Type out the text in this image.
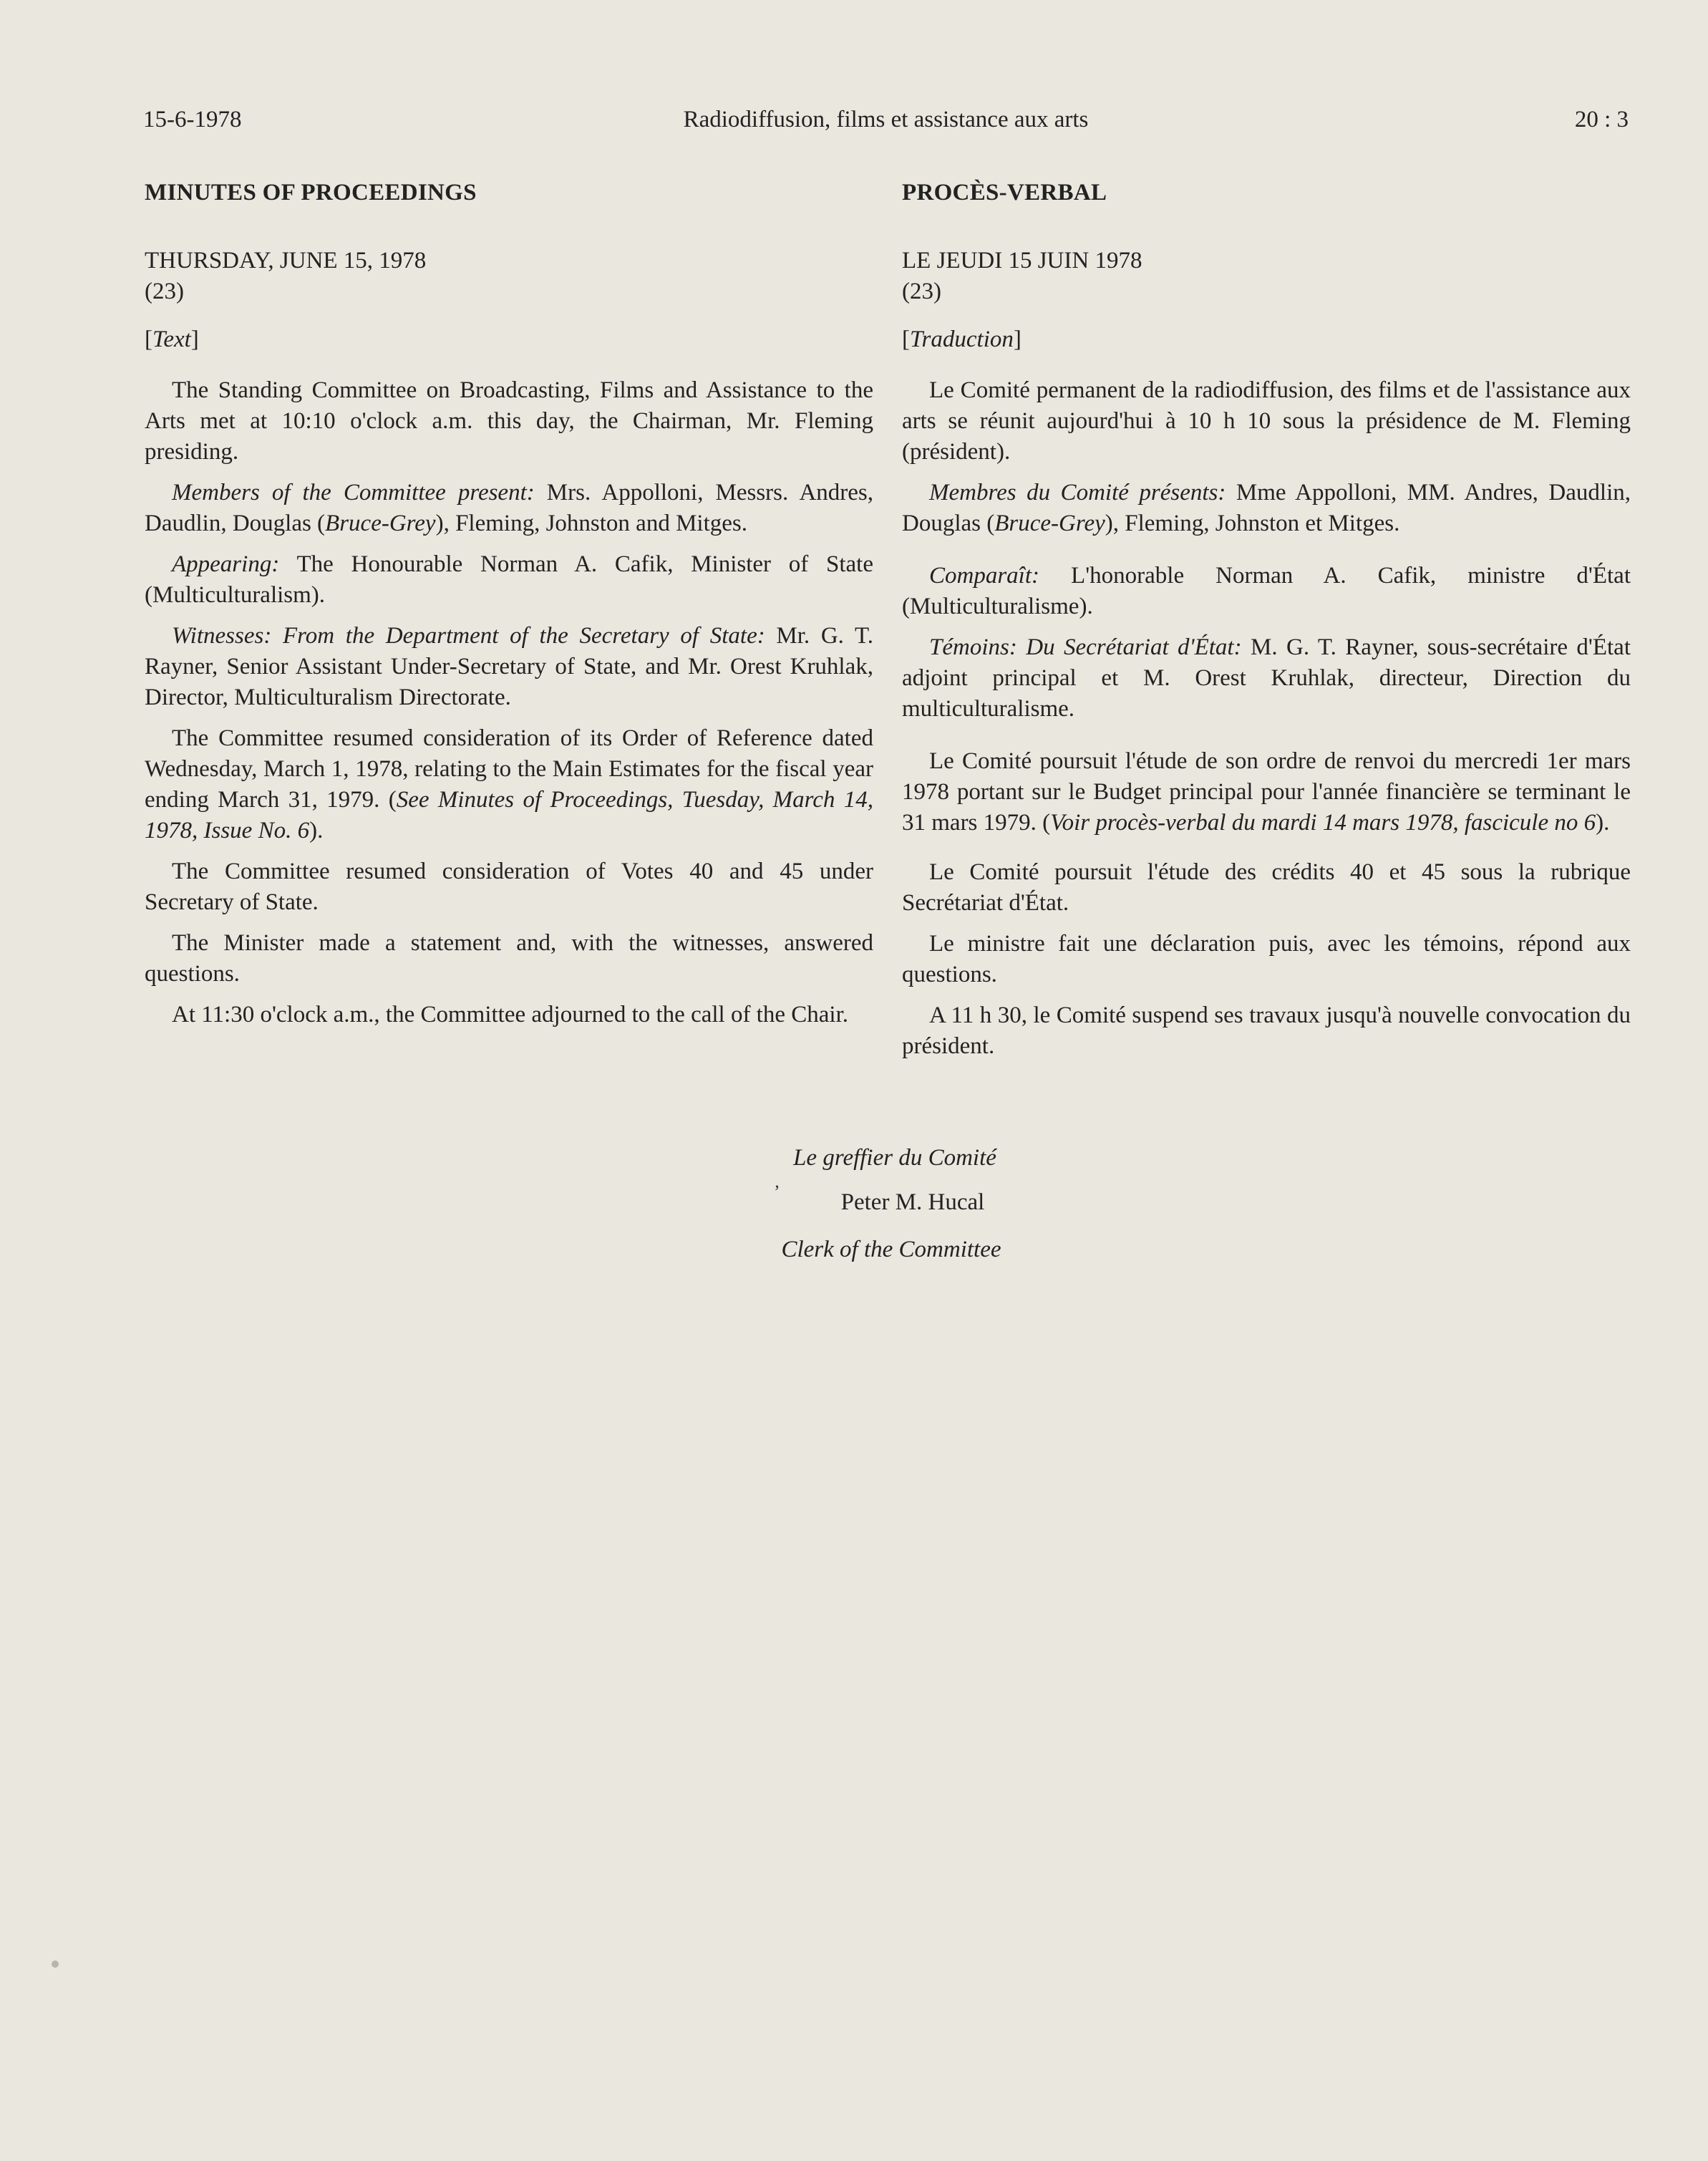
15-6-1978	Radiodiffusion, films et assistance aux arts	20 : 3
MINUTES OF PROCEEDINGS
THURSDAY, JUNE 15, 1978
(23)
[Text]

The Standing Committee on Broadcasting, Films and Assistance to the Arts met at 10:10 o'clock a.m. this day, the Chairman, Mr. Fleming presiding.

Members of the Committee present: Mrs. Appolloni, Messrs. Andres, Daudlin, Douglas (Bruce-Grey), Fleming, Johnston and Mitges.

Appearing: The Honourable Norman A. Cafik, Minister of State (Multiculturalism).

Witnesses: From the Department of the Secretary of State: Mr. G. T. Rayner, Senior Assistant Under-Secretary of State, and Mr. Orest Kruhlak, Director, Multiculturalism Directorate.

The Committee resumed consideration of its Order of Reference dated Wednesday, March 1, 1978, relating to the Main Estimates for the fiscal year ending March 31, 1979. (See Minutes of Proceedings, Tuesday, March 14, 1978, Issue No. 6).

The Committee resumed consideration of Votes 40 and 45 under Secretary of State.

The Minister made a statement and, with the witnesses, answered questions.

At 11:30 o'clock a.m., the Committee adjourned to the call of the Chair.

PROCÈS-VERBAL
LE JEUDI 15 JUIN 1978
(23)
[Traduction]

Le Comité permanent de la radiodiffusion, des films et de l'assistance aux arts se réunit aujourd'hui à 10 h 10 sous la présidence de M. Fleming (président).

Membres du Comité présents: Mme Appolloni, MM. Andres, Daudlin, Douglas (Bruce-Grey), Fleming, Johnston et Mitges.

Comparaît: L'honorable Norman A. Cafik, ministre d'État (Multiculturalisme).

Témoins: Du Secrétariat d'État: M. G. T. Rayner, sous-secrétaire d'État adjoint principal et M. Orest Kruhlak, directeur, Direction du multiculturalisme.

Le Comité poursuit l'étude de son ordre de renvoi du mercredi 1er mars 1978 portant sur le Budget principal pour l'année financière se terminant le 31 mars 1979. (Voir procès-verbal du mardi 14 mars 1978, fascicule no 6).

Le Comité poursuit l'étude des crédits 40 et 45 sous la rubrique Secrétariat d'État.

Le ministre fait une déclaration puis, avec les témoins, répond aux questions.

A 11 h 30, le Comité suspend ses travaux jusqu'à nouvelle convocation du président.

Le greffier du Comité
’	Peter M. Hucal
Clerk of the Committee
